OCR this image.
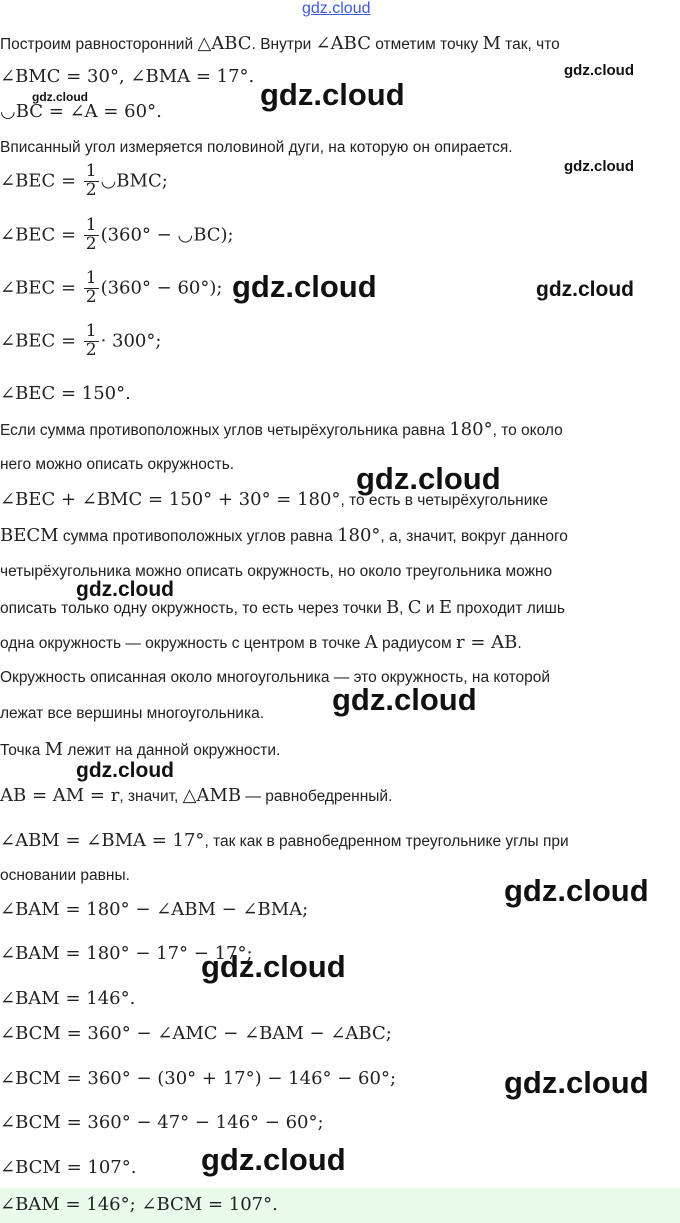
gdz.cloud
gdz.cloud
gdz.cloud	gdz.cloud
gdz.cloud
gdz.cloud	gdz.cloud
gdz.cloud
gdz.cloud
gdz.cloud
gdz.cloud
gdz.cloud
gdz.cloud
gdz.cloud
gdz.cloud
Построим равносторонний △ABC. Внутри ∠ABC отметим точку M так, что
∠BMC = 30°, ∠BMA = 17°.
◡BC = ∠A = 60°.
Вписанный угол измеряется половиной дуги, на которую он опирается.
∠BEC = $\frac{1}{2}$ ◡BMC;
∠BEC = $\frac{1}{2} (360^\circ$ − ◡BC);
∠BEC = $\frac{1}{2} (360^\circ - 60^\circ)$;
∠BEC = $\frac{1}{2} \cdot 300^\circ$;
∠BEC = 150°.
Если сумма противоположных углов четырёхугольника равна 180°, то около
него можно описать окружность.
∠BEC + ∠BMC = 150° + 30° = 180°, то есть в четырёхугольнике
BECM сумма противоположных углов равна 180°, а, значит, вокруг данного
четырёхугольника можно описать окружность, но около треугольника можно
описать только одну окружность, то есть через точки B, C и E проходит лишь
одна окружность — окружность с центром в точке A радиусом r = AB.
Окружность описанная около многоугольника — это окружность, на которой
лежат все вершины многоугольника.
Точка M лежит на данной окружности.
AB = AM = r, значит, △AMB — равнобедренный.
∠ABM = ∠BMA = 17°, так как в равнобедренном треугольнике углы при
основании равны.
∠BAM = 180° − ∠ABM − ∠BMA;
∠BAM = 180° − 17° − 17°;
∠BAM = 146°.
∠BCM = 360° − ∠AMC − ∠BAM − ∠ABC;
∠BCM = 360° − (30° + 17°) − 146° − 60°;
∠BCM = 360° − 47° − 146° − 60°;
∠BCM = 107°.
∠BAM = 146°; ∠BCM = 107°.
